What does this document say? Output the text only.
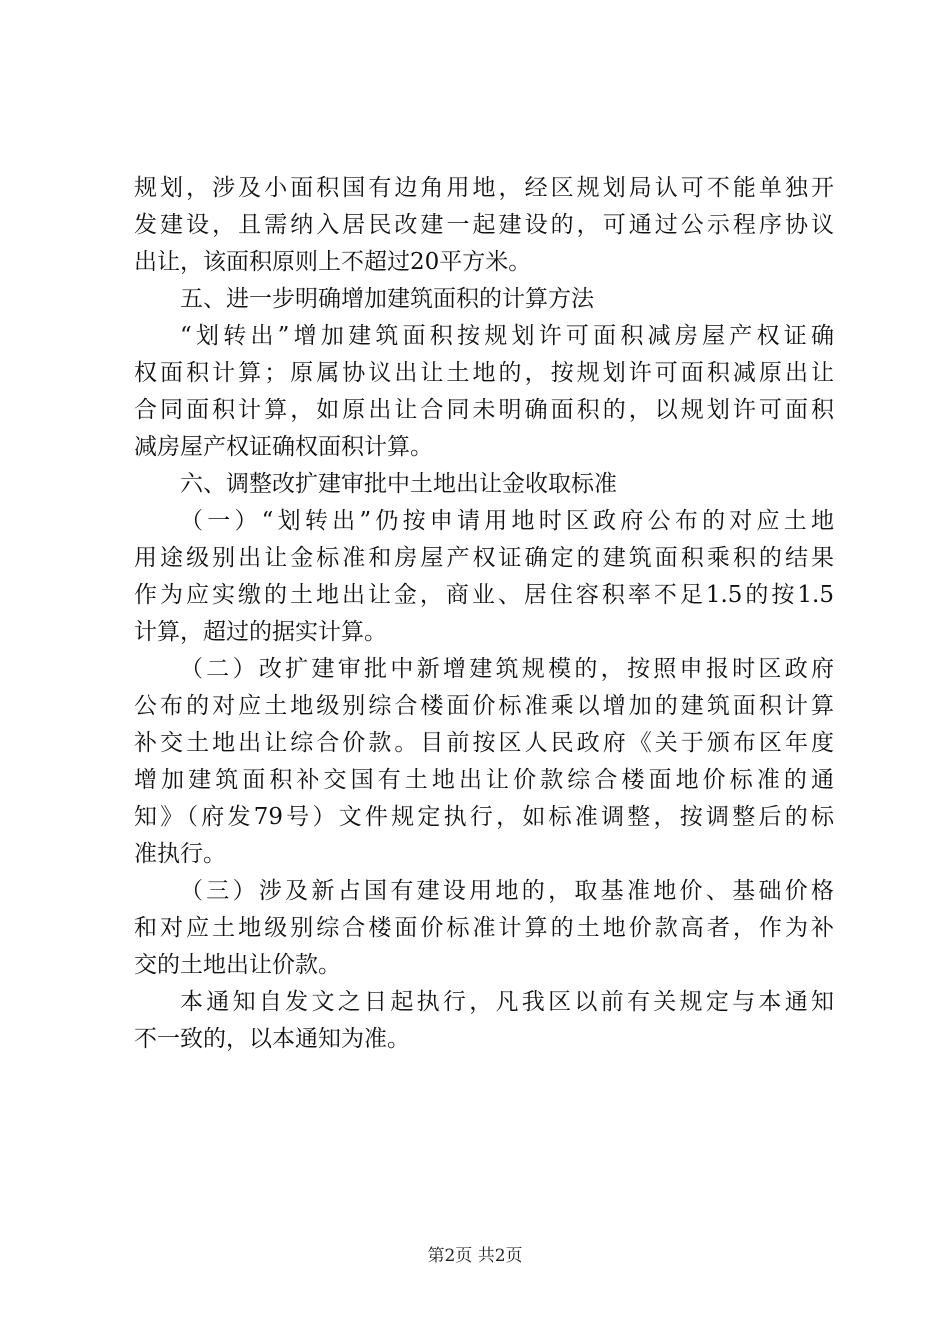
规划，涉及小面积国有边角用地，经区规划局认可不能单独开
发建设，且需纳入居民改建一起建设的，可通过公示程序协议
出让，该面积原则上不超过20平方米。
五、进一步明确增加建筑面积的计算方法
“划转出”增加建筑面积按规划许可面积减房屋产权证确
权面积计算；原属协议出让土地的，按规划许可面积减原出让
合同面积计算，如原出让合同未明确面积的，以规划许可面积
减房屋产权证确权面积计算。
六、调整改扩建审批中土地出让金收取标准
（一）“划转出”仍按申请用地时区政府公布的对应土地
用途级别出让金标准和房屋产权证确定的建筑面积乘积的结果
作为应实缴的土地出让金，商业、居住容积率不足1.5的按1.5
计算，超过的据实计算。
（二）改扩建审批中新增建筑规模的，按照申报时区政府
公布的对应土地级别综合楼面价标准乘以增加的建筑面积计算
补交土地出让综合价款。目前按区人民政府《关于颁布区年度
增加建筑面积补交国有土地出让价款综合楼面地价标准的通
知》（府发79号）文件规定执行，如标准调整，按调整后的标
准执行。
（三）涉及新占国有建设用地的，取基准地价、基础价格
和对应土地级别综合楼面价标准计算的土地价款高者，作为补
交的土地出让价款。
本通知自发文之日起执行，凡我区以前有关规定与本通知
不一致的，以本通知为准。
第2页 共2页
